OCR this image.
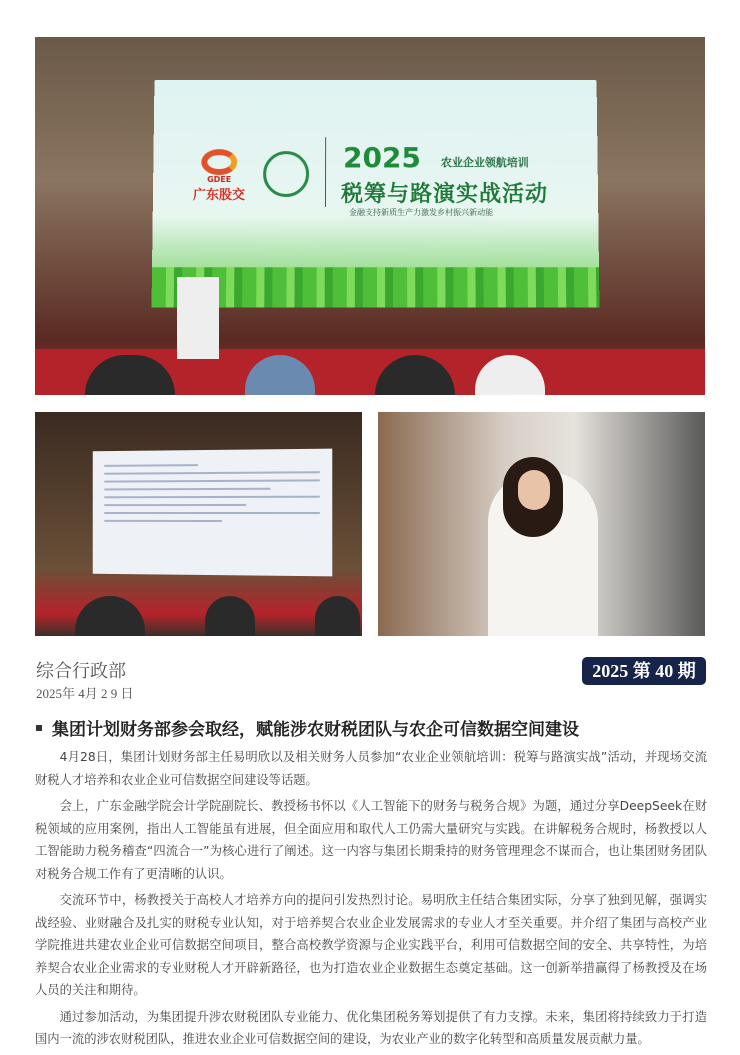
GDEE
广东股交
2025 农业企业领航培训
税筹与路演实战活动
金融支持新质生产力激发乡村振兴新动能
综合行政部
2025年 4月 2 9 日
2025 第 40 期

集团计划财务部参会取经，赋能涉农财税团队与农企可信数据空间建设

4月28日，集团计划财务部主任易明欣以及相关财务人员参加“农业企业领航培训：税筹与路演实战”活动，并现场交流财税人才培养和农业企业可信数据空间建设等话题。

会上，广东金融学院会计学院副院长、教授杨书怀以《人工智能下的财务与税务合规》为题，通过分享DeepSeek在财税领域的应用案例，指出人工智能虽有进展，但全面应用和取代人工仍需大量研究与实践。在讲解税务合规时，杨教授以人工智能助力税务稽查“四流合一”为核心进行了阐述。这一内容与集团长期秉持的财务管理理念不谋而合，也让集团财务团队对税务合规工作有了更清晰的认识。

交流环节中，杨教授关于高校人才培养方向的提问引发热烈讨论。易明欣主任结合集团实际，分享了独到见解，强调实战经验、业财融合及扎实的财税专业认知，对于培养契合农业企业发展需求的专业人才至关重要。并介绍了集团与高校产业学院推进共建农业企业可信数据空间项目，整合高校教学资源与企业实践平台，利用可信数据空间的安全、共享特性，为培养契合农业企业需求的专业财税人才开辟新路径，也为打造农业企业数据生态奠定基础。这一创新举措赢得了杨教授及在场人员的关注和期待。

通过参加活动，为集团提升涉农财税团队专业能力、优化集团税务筹划提供了有力支撑。未来，集团将持续致力于打造国内一流的涉农财税团队，推进农业企业可信数据空间的建设，为农业产业的数字化转型和高质量发展贡献力量。
